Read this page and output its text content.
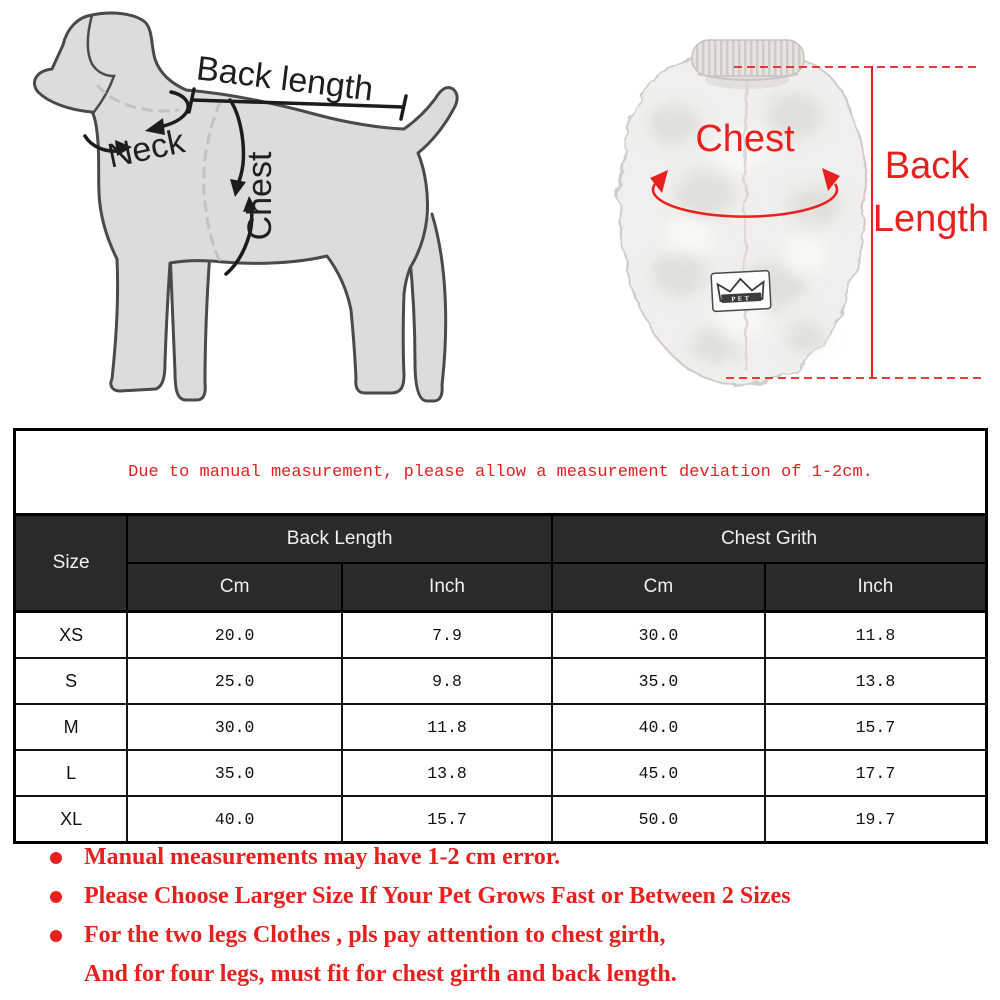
Back length
Neck
Chest
PET
Chest
Back
Length
Due to manual measurement, please allow a measurement deviation of 1-2cm.				
Size	Back Length		Chest Grith	
	Cm	Inch	Cm	Inch
XS	20.0	7.9	30.0	11.8
S	25.0	9.8	35.0	13.8
M	30.0	11.8	40.0	15.7
L	35.0	13.8	45.0	17.7
XL	40.0	15.7	50.0	19.7
Manual measurements may have 1-2 cm error.
Please Choose Larger Size If Your Pet Grows Fast or Between 2 Sizes
For the two legs Clothes , pls pay attention to chest girth,
And for four legs, must fit for chest girth and back length.
